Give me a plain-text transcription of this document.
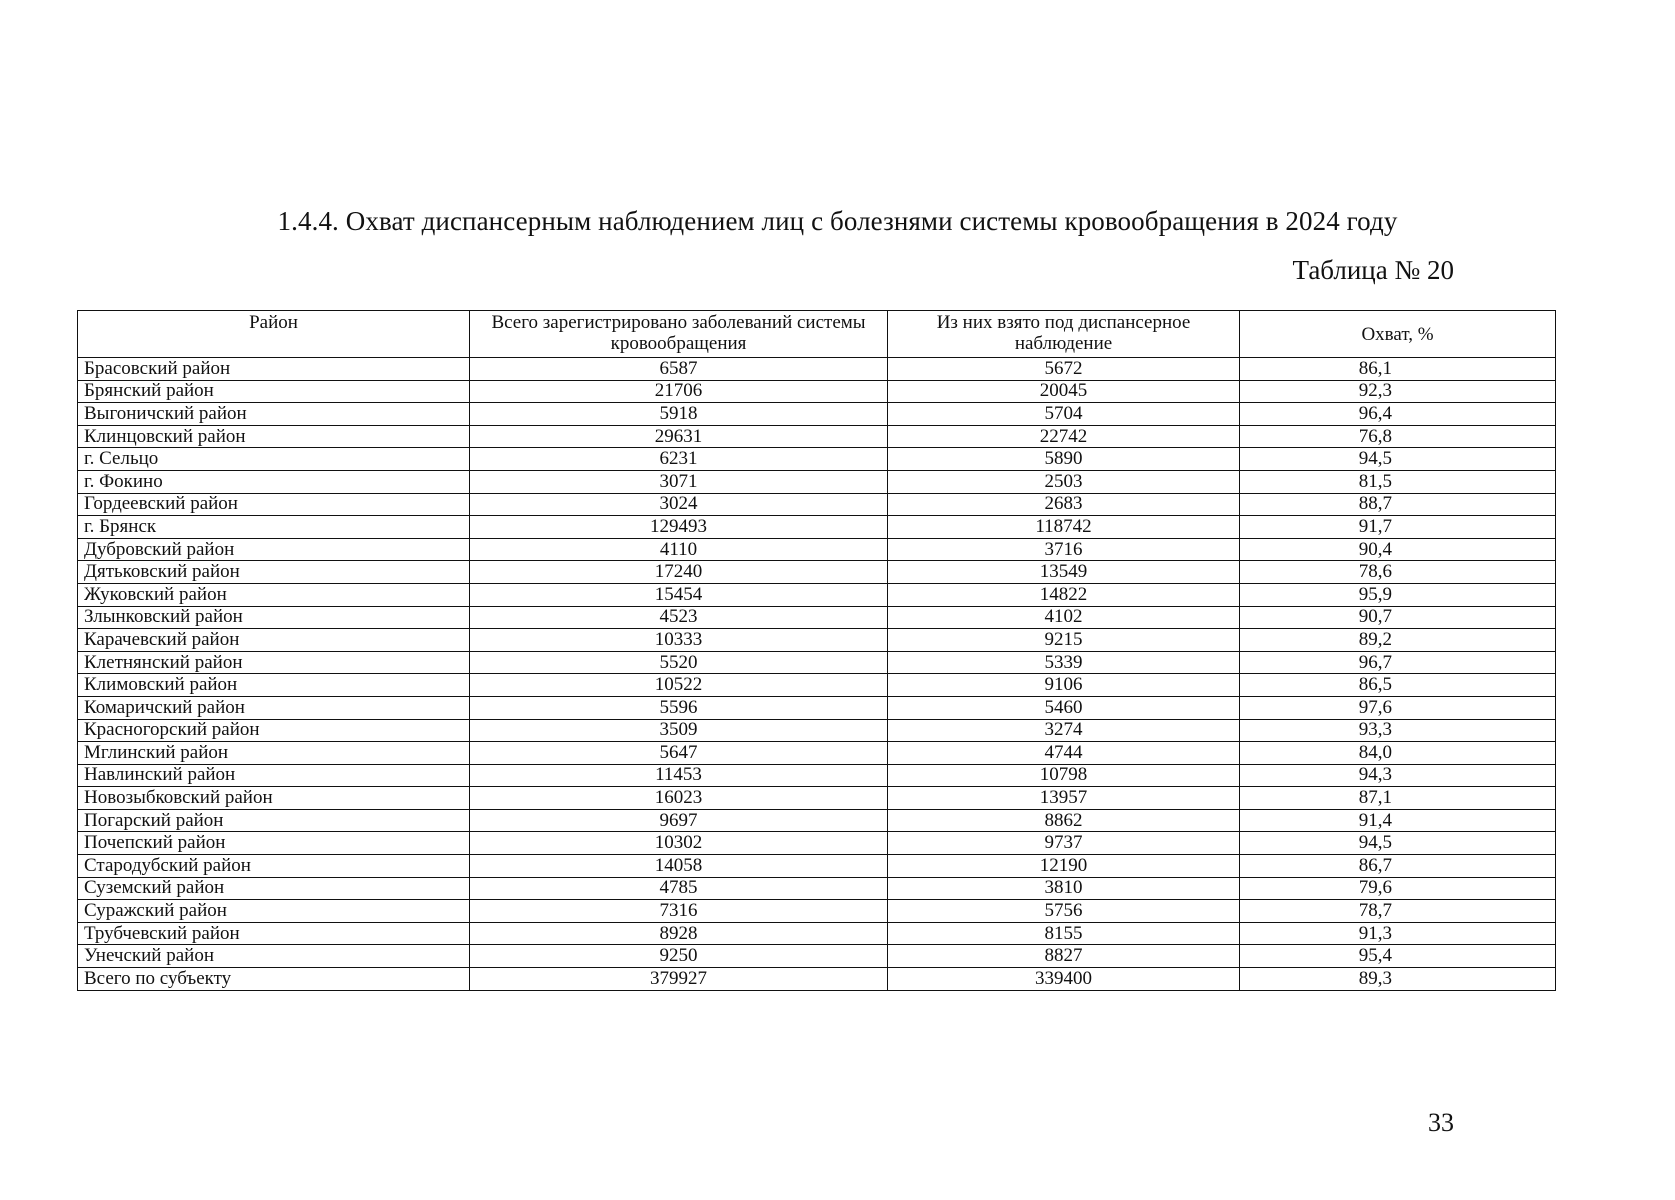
1.4.4. Охват диспансерным наблюдением лиц с болезнями системы кровообращения в 2024 году
Таблица № 20
Район	Всего зарегистрировано заболеваний системы кровообращения	Из них взято под диспансерное наблюдение	Охват, %
Брасовский район	6587	5672	86,1
Брянский район	21706	20045	92,3
Выгоничский район	5918	5704	96,4
Клинцовский район	29631	22742	76,8
г. Сельцо	6231	5890	94,5
г. Фокино	3071	2503	81,5
Гордеевский район	3024	2683	88,7
г. Брянск	129493	118742	91,7
Дубровский район	4110	3716	90,4
Дятьковский район	17240	13549	78,6
Жуковский район	15454	14822	95,9
Злынковский район	4523	4102	90,7
Карачевский район	10333	9215	89,2
Клетнянский район	5520	5339	96,7
Климовский район	10522	9106	86,5
Комаричский район	5596	5460	97,6
Красногорский район	3509	3274	93,3
Мглинский район	5647	4744	84,0
Навлинский район	11453	10798	94,3
Новозыбковский район	16023	13957	87,1
Погарский район	9697	8862	91,4
Почепский район	10302	9737	94,5
Стародубский район	14058	12190	86,7
Суземский район	4785	3810	79,6
Суражский район	7316	5756	78,7
Трубчевский район	8928	8155	91,3
Унечский район	9250	8827	95,4
Всего по субъекту	379927	339400	89,3
33
